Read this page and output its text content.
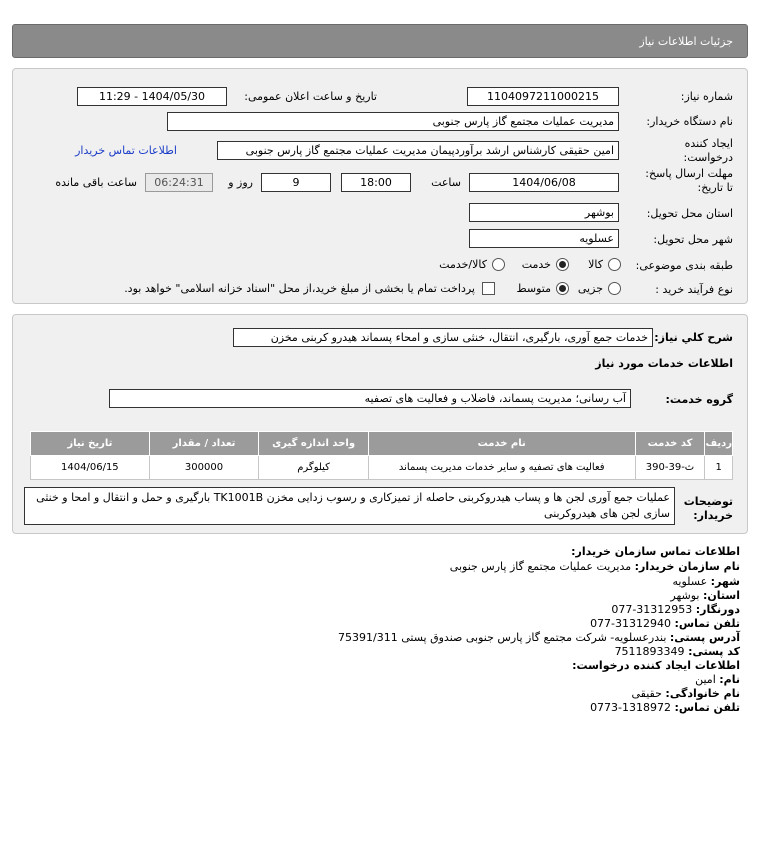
جزئیات اطلاعات نیاز
شماره نیاز:
1104097211000215
تاریخ و ساعت اعلان عمومی:
1404/05/30 - 11:29
نام دستگاه خریدار:
مدیریت عملیات مجتمع گاز پارس جنوبی
ایجاد کننده درخواست:
امین حقیقی کارشناس ارشد برآوردپیمان مدیریت عملیات مجتمع گاز پارس جنوبی
اطلاعات تماس خریدار
مهلت ارسال پاسخ: تا تاریخ:
1404/06/08
ساعت
18:00
9
روز و
06:24:31
ساعت باقی مانده
استان محل تحویل:
بوشهر
شهر محل تحویل:
عسلویه
طبقه بندی موضوعی:
کالا
خدمت
کالا/خدمت
نوع فرآیند خرید :
جزیی
متوسط
پرداخت تمام یا بخشی از مبلغ خرید،از محل "اسناد خزانه اسلامی" خواهد بود.
شرح کلي نیاز:
خدمات جمع آوری، بارگیری، انتقال، خنثی سازی و امحاء پسماند هیدرو کربنی مخزن
اطلاعات خدمات مورد نیاز
گروه خدمت:
آب رسانی؛ مدیریت پسماند، فاضلاب و فعالیت های تصفیه
ردیف	کد خدمت	نام خدمت	واحد اندازه گیری	تعداد / مقدار	تاریخ نیاز
1	ث-39-390	فعالیت های تصفیه و سایر خدمات مدیریت پسماند	کیلوگرم	300000	1404/06/15
توضیحات خریدار:
عملیات جمع آوری لجن ها و پساب هیدروکربنی حاصله از تمیزکاری و رسوب زدایی مخزن TK1001B بارگیری و حمل و انتقال و امحا و خنثی سازی لجن های هیدروکربنی
اطلاعات تماس سازمان خریدار:
نام سازمان خریدار: مدیریت عملیات مجتمع گاز پارس جنوبی
شهر: عسلویه
استان: بوشهر
دورنگار: 077-31312953
تلفن تماس: 077-31312940
آدرس پستی: بندرعسلویه- شرکت مجتمع گاز پارس جنوبی صندوق پستی 75391/311
کد پستی: 7511893349
اطلاعات ایجاد کننده درخواست:
نام: امین
نام خانوادگی: حقیقی
تلفن تماس: 0773-1318972
